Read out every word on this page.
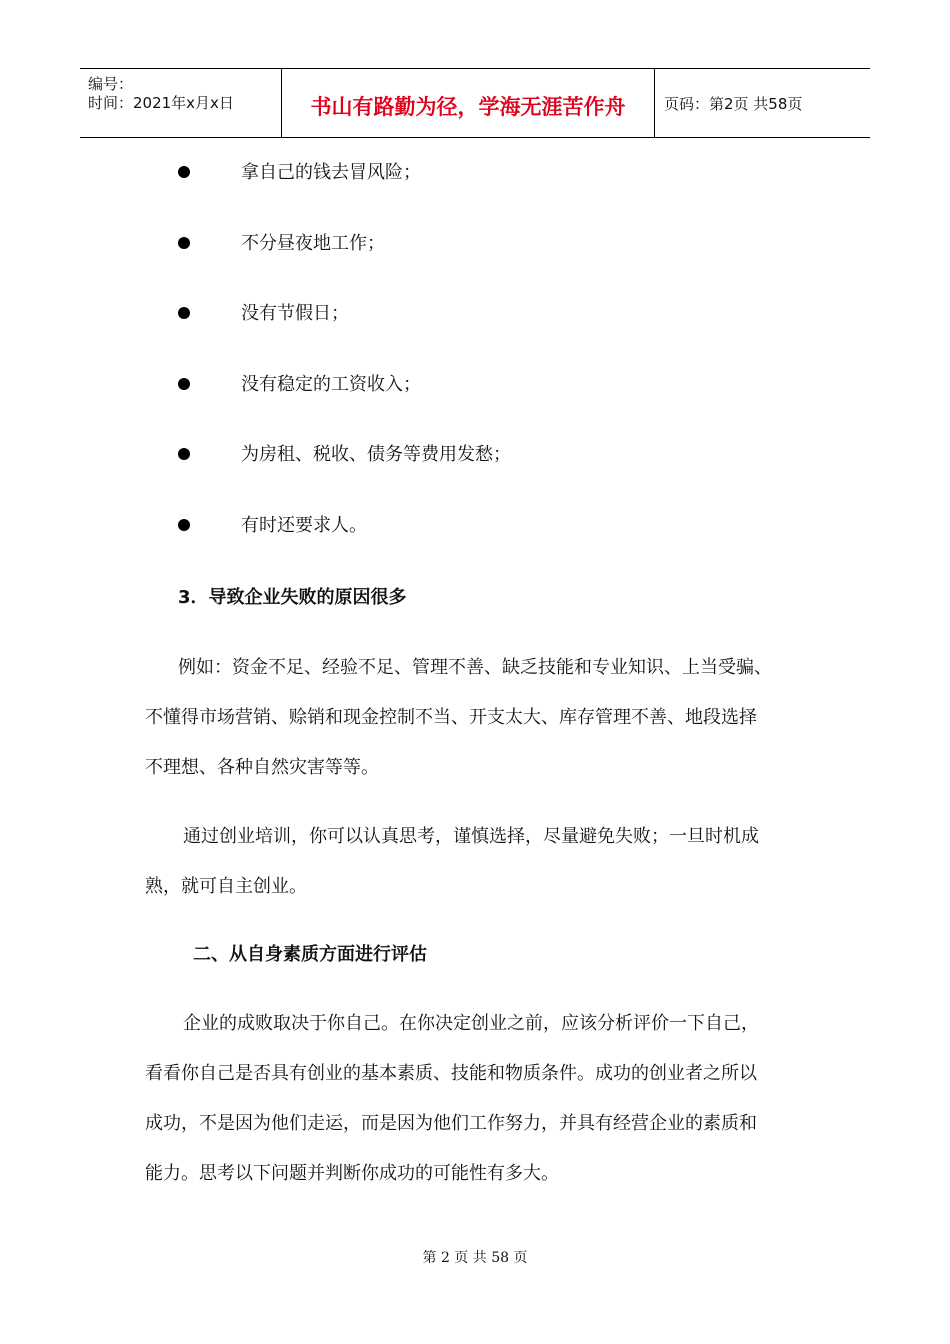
编号：
时间：2021年x月x日	书山有路勤为径，学海无涯苦作舟	页码：第2页 共58页
拿自己的钱去冒风险；
不分昼夜地工作；
没有节假日；
没有稳定的工资收入；
为房租、税收、债务等费用发愁；
有时还要求人。
3．导致企业失败的原因很多
例如：资金不足、经验不足、管理不善、缺乏技能和专业知识、上当受骗、
不懂得市场营销、赊销和现金控制不当、开支太大、库存管理不善、地段选择
不理想、各种自然灾害等等。
通过创业培训，你可以认真思考，谨慎选择，尽量避免失败；一旦时机成
熟，就可自主创业。
二、从自身素质方面进行评估
企业的成败取决于你自己。在你决定创业之前，应该分析评价一下自己，
看看你自己是否具有创业的基本素质、技能和物质条件。成功的创业者之所以
成功，不是因为他们走运，而是因为他们工作努力，并具有经营企业的素质和
能力。思考以下问题并判断你成功的可能性有多大。
第 2 页 共 58 页
